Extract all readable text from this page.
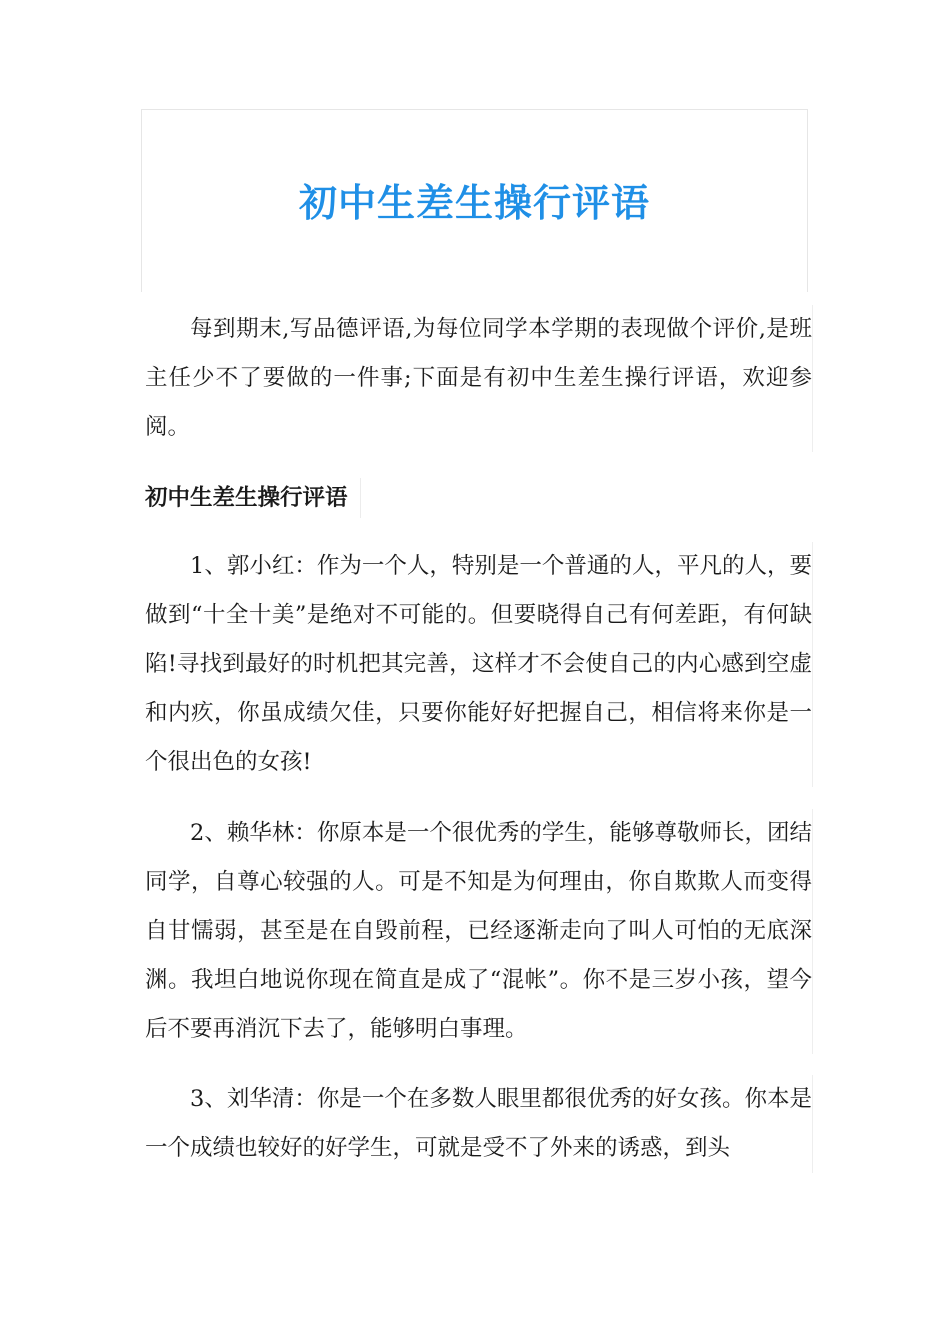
初中生差生操行评语

每到期末,写品德评语,为每位同学本学期的表现做个评价,是班主任少不了要做的一件事;下面是有初中生差生操行评语，欢迎参阅。

初中生差生操行评语

1、郭小红：作为一个人，特别是一个普通的人，平凡的人，要做到“十全十美”是绝对不可能的。但要晓得自己有何差距，有何缺陷!寻找到最好的时机把其完善，这样才不会使自己的内心感到空虚和内疚，你虽成绩欠佳，只要你能好好把握自己，相信将来你是一个很出色的女孩!

2、赖华林：你原本是一个很优秀的学生，能够尊敬师长，团结同学，自尊心较强的人。可是不知是为何理由，你自欺欺人而变得自甘懦弱，甚至是在自毁前程，已经逐渐走向了叫人可怕的无底深渊。我坦白地说你现在简直是成了“混帐”。你不是三岁小孩，望今后不要再消沉下去了，能够明白事理。

3、刘华清：你是一个在多数人眼里都很优秀的好女孩。你本是一个成绩也较好的好学生，可就是受不了外来的诱惑，到头
